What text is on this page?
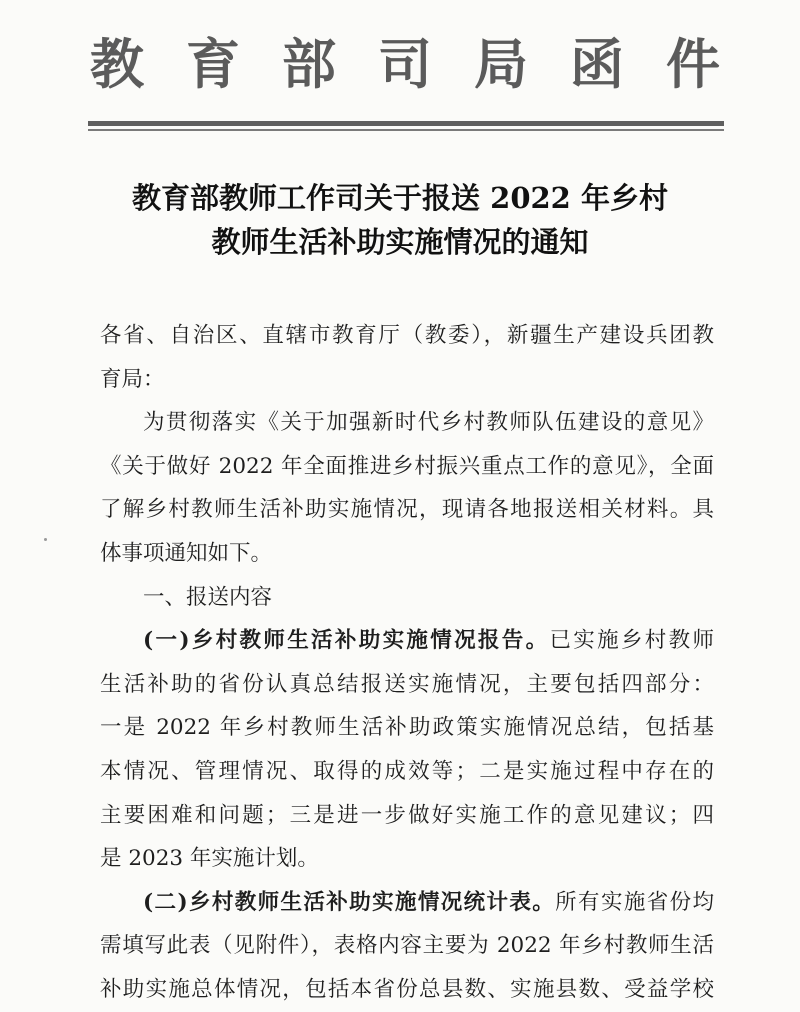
教 育 部 司 局 函 件
教育部教师工作司关于报送 2022 年乡村
教师生活补助实施情况的通知
各省、自治区、直辖市教育厅（教委），新疆生产建设兵团教
育局：
为贯彻落实《关于加强新时代乡村教师队伍建设的意见》
《关于做好 2022 年全面推进乡村振兴重点工作的意见》，全面
了解乡村教师生活补助实施情况，现请各地报送相关材料。具
体事项通知如下。
一、报送内容
(一)乡村教师生活补助实施情况报告。已实施乡村教师
生活补助的省份认真总结报送实施情况，主要包括四部分：
一是 2022 年乡村教师生活补助政策实施情况总结，包括基
本情况、管理情况、取得的成效等；二是实施过程中存在的
主要困难和问题；三是进一步做好实施工作的意见建议；四
是 2023 年实施计划。
(二)乡村教师生活补助实施情况统计表。所有实施省份均
需填写此表（见附件），表格内容主要为 2022 年乡村教师生活
补助实施总体情况，包括本省份总县数、实施县数、受益学校
